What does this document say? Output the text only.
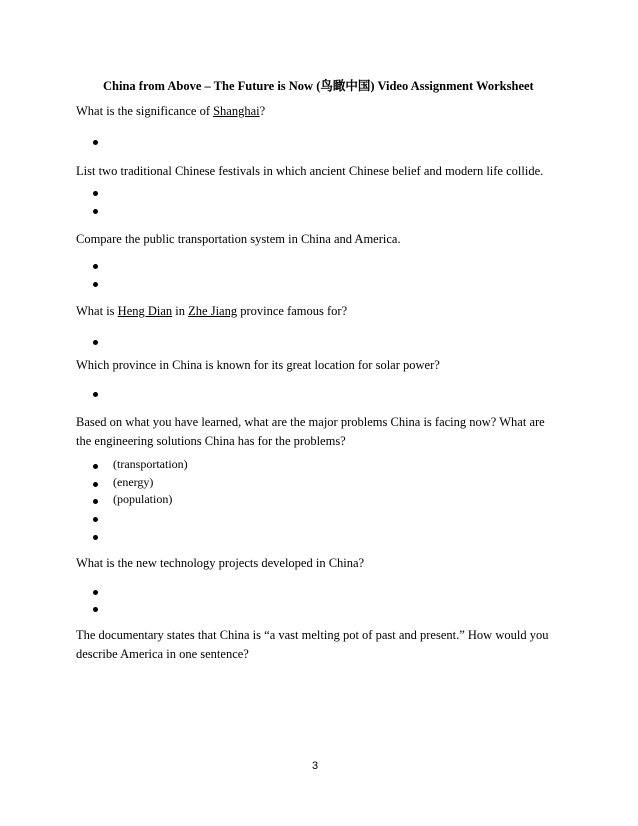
China from Above – The Future is Now (鸟瞰中国) Video Assignment Worksheet
What is the significance of Shanghai?
List two traditional Chinese festivals in which ancient Chinese belief and modern life collide.
Compare the public transportation system in China and America.
What is Heng Dian in Zhe Jiang province famous for?
Which province in China is known for its great location for solar power?
Based on what you have learned, what are the major problems China is facing now? What are the engineering solutions China has for the problems?
(transportation)
(energy)
(population)
What is the new technology projects developed in China?
The documentary states that China is “a vast melting pot of past and present.” How would you describe America in one sentence?
3
